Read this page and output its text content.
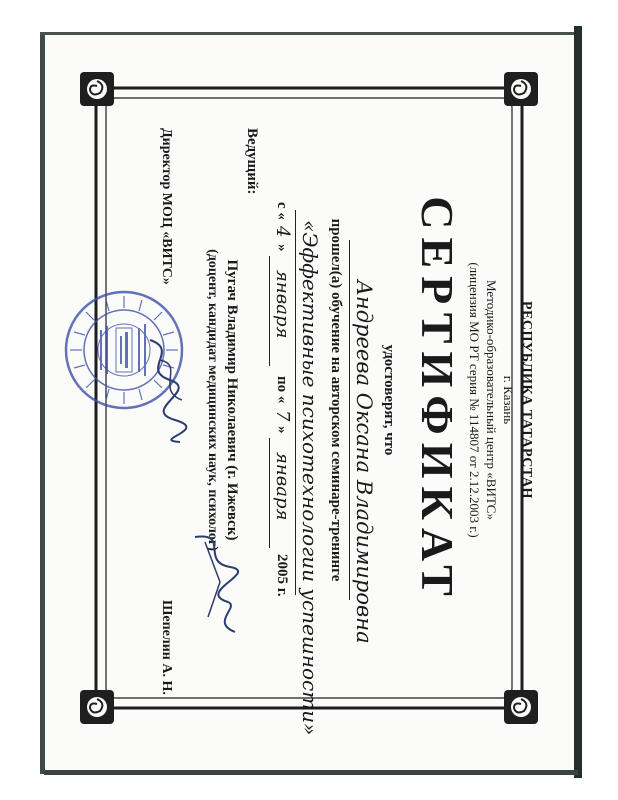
РЕСПУБЛИКА ТАТАРСТАН
г. Казань
Методико-образовательный центр «ВИТС»
(лицензия МО РТ серия № 114807 от 2.12.2003 г.)
СЕРТИФИКАТ
удостоверят, что
Андреева Оксана Владимировна
прошел(а) обучение на авторском семинаре-тренинге
«Эффективные психотехнологии успешности»
с «
4
»
января
по «
7
»
января
2005 г.
Ведущий:
Пугач Владимир Николаевич (г. Ижевск)
(доцент, кандидат медицинских наук, психолог)
Директор МОЦ «ВИТС»
Шепелин А. Н.
